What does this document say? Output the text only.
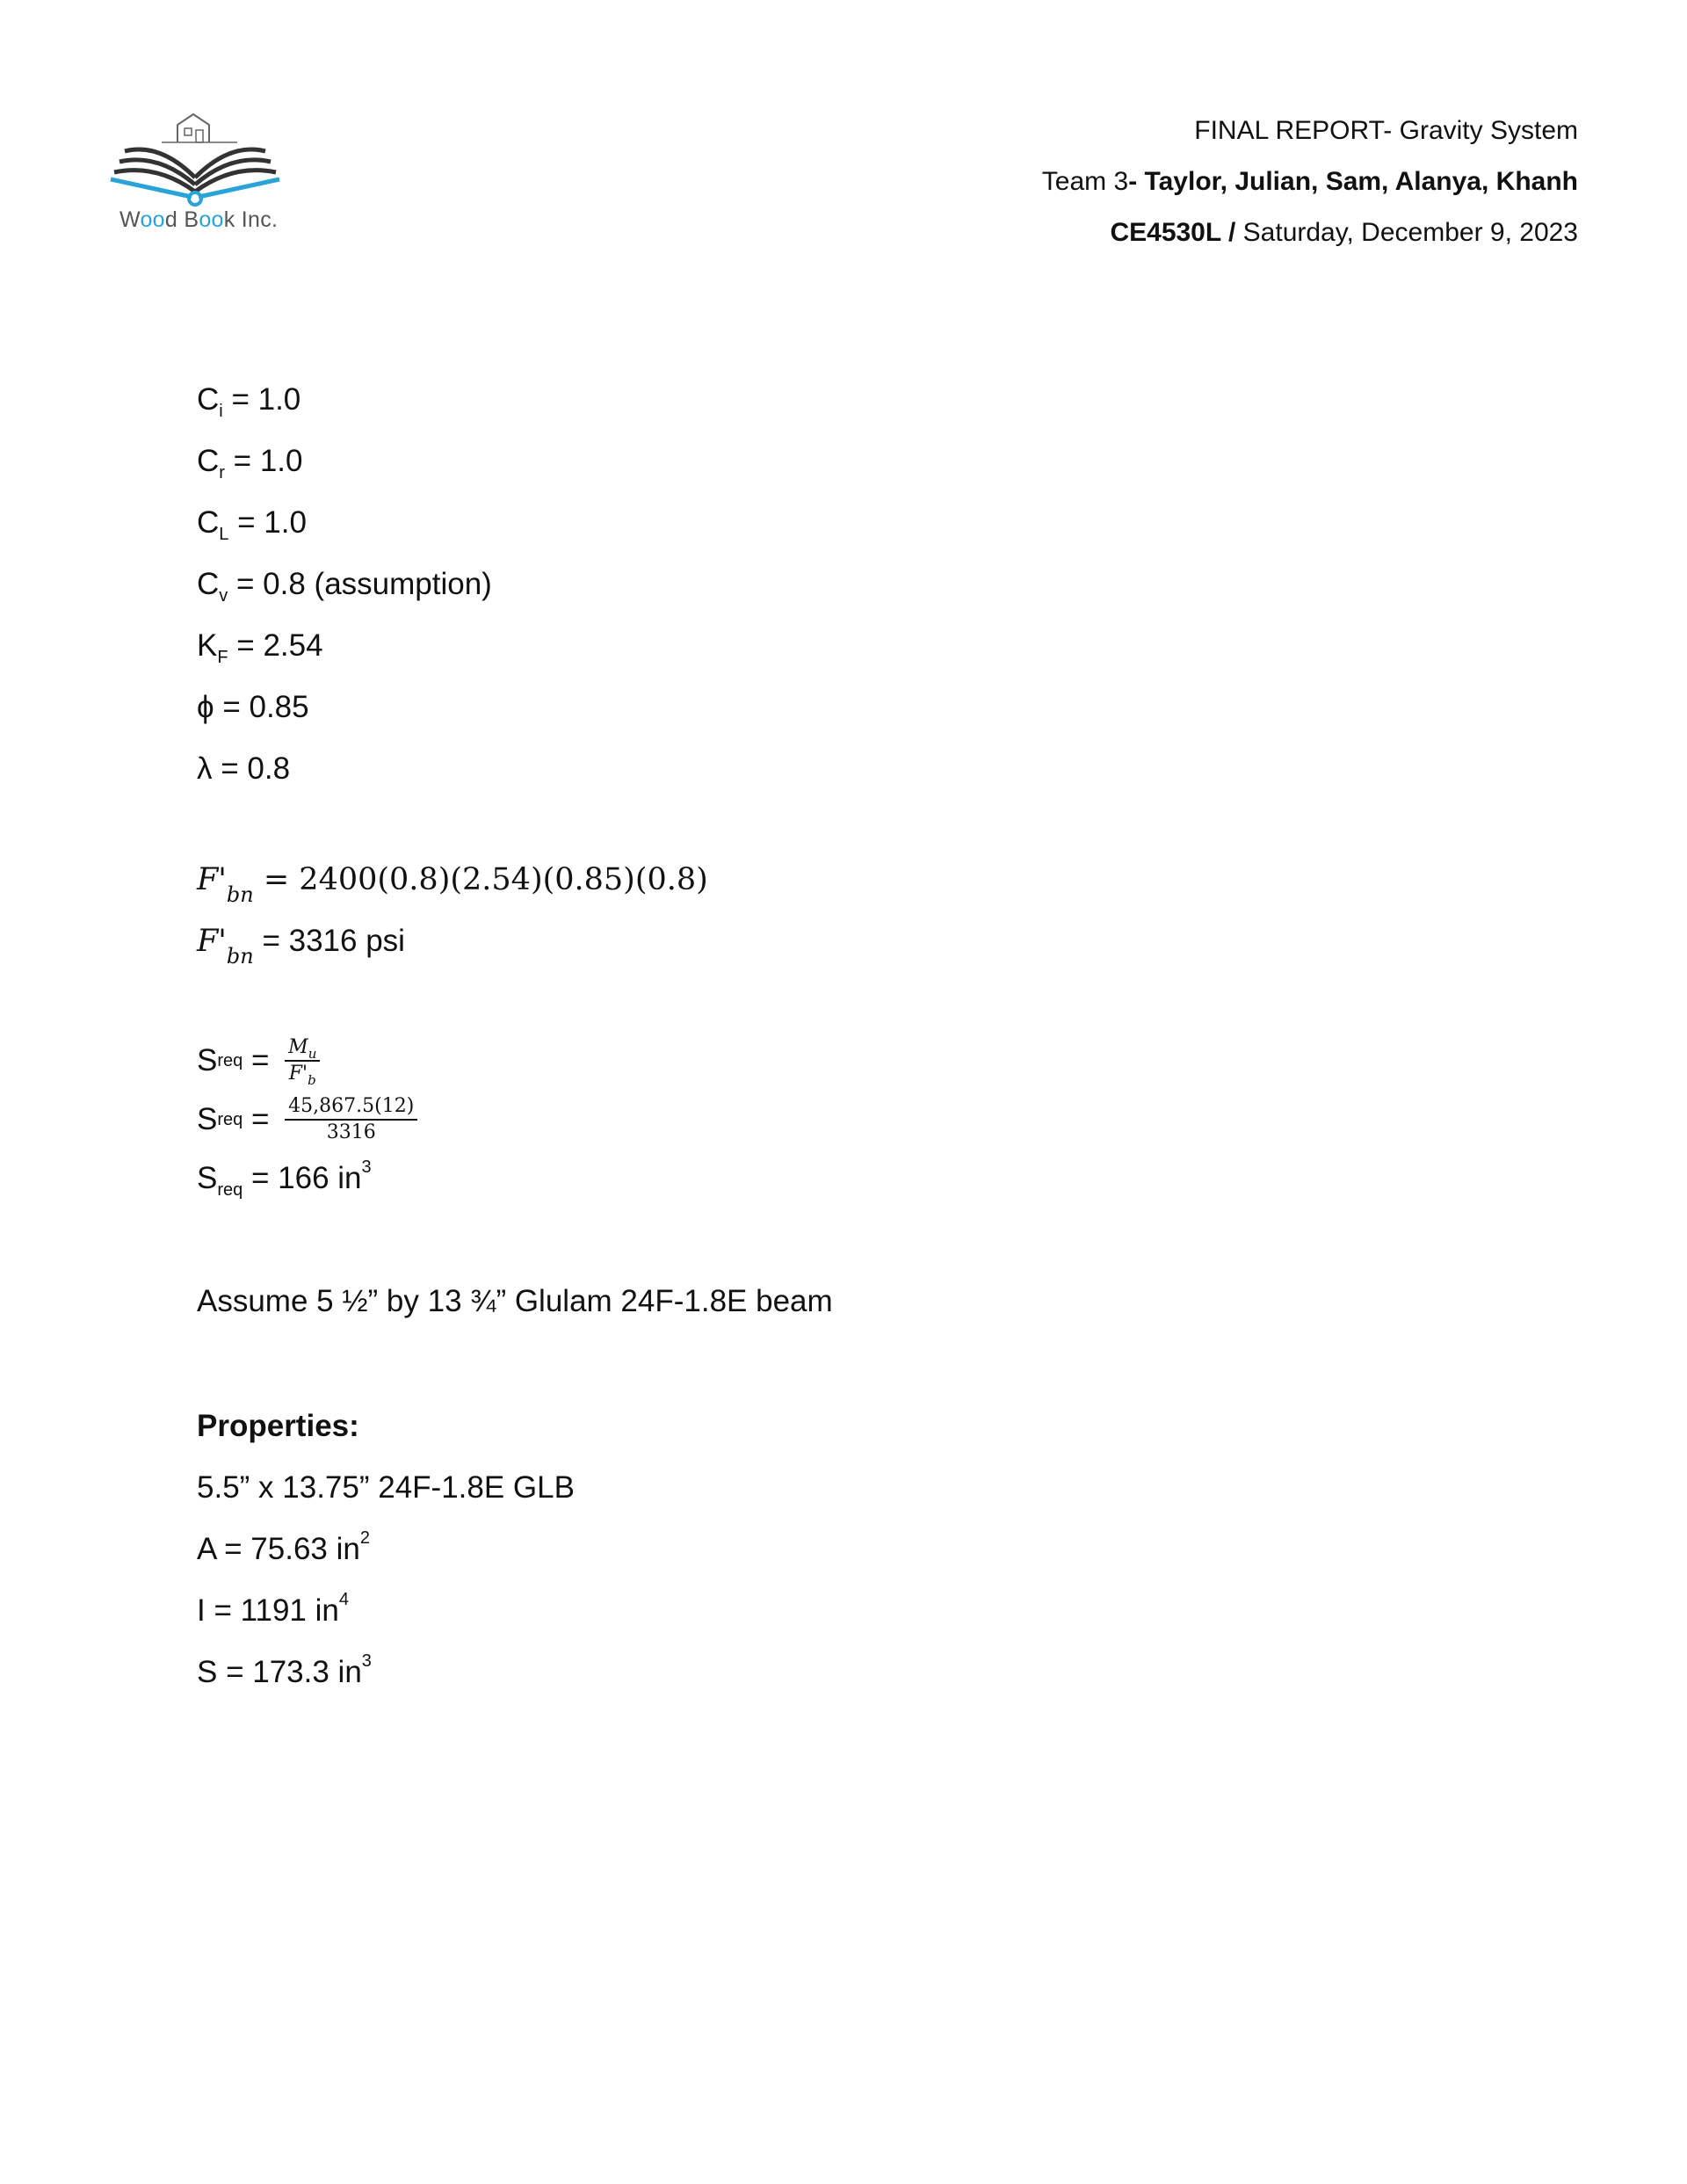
Wood Book Inc.
FINAL REPORT- Gravity System
Team 3- Taylor, Julian, Sam, Alanya, Khanh
CE4530L / Saturday, December 9, 2023
$C_i = 1.0$
$C_r = 1.0$
$C_L = 1.0$
$C_v = 0.8$ (assumption)
$K_F = 2.54$
ϕ = 0.85
λ = 0.8
$F'_{bn} = 2400(0.8)(2.54)(0.85)(0.8)$
$F'_{bn} = 3316$ psi
S req = $\frac{M_u}{F'_b}$
S req = $\frac{45,867.5(12)}{3316}$
$S_{req} = 166$ $in^3$
Assume 5 ½” by 13 ¾” Glulam 24F-1.8E beam
Properties:
5.5” x 13.75” 24F-1.8E GLB
A = 75.63 $in^2$
I = 1191 $in^4$
S = 173.3 $in^3$
